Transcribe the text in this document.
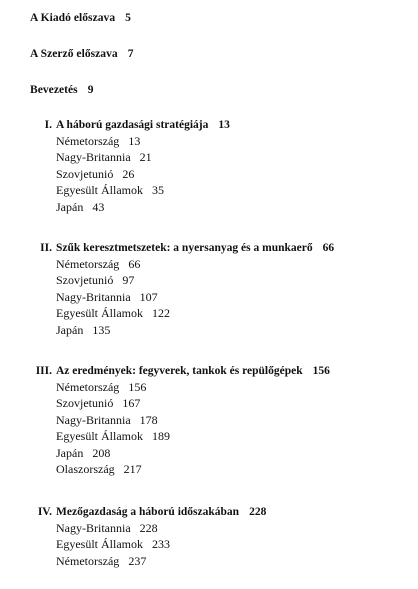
A Kiadó előszava 5
A Szerző előszava 7
Bevezetés 9
I. A háború gazdasági stratégiája 13
Németország 13
Nagy-Britannia 21
Szovjetunió 26
Egyesült Államok 35
Japán 43
II. Szűk keresztmetszetek: a nyersanyag és a munkaerő 66
Németország 66
Szovjetunió 97
Nagy-Britannia 107
Egyesült Államok 122
Japán 135
III. Az eredmények: fegyverek, tankok és repülőgépek 156
Németország 156
Szovjetunió 167
Nagy-Britannia 178
Egyesült Államok 189
Japán 208
Olaszország 217
IV. Mezőgazdaság a háború időszakában 228
Nagy-Britannia 228
Egyesült Államok 233
Németország 237
